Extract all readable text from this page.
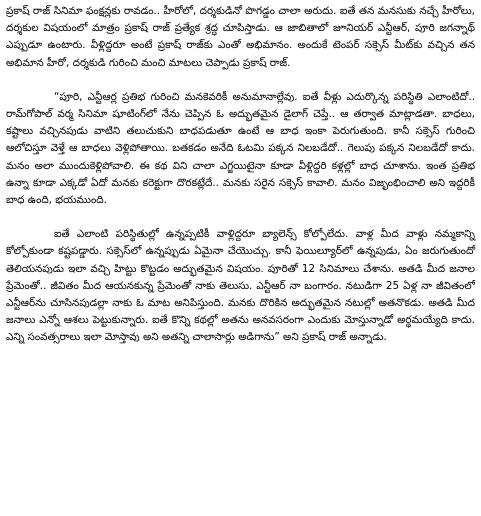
ప్రకాష్ రాజ్ సినిమా ఫంక్షన్లకు రావడం.. హీరోలో, దర్శకుడినో పొగడ్డం చాలా అరుదు. ఐతే తన మనసుకు నచ్చే హీరోలు, దర్శకుల విషయంలో మాత్రం ప్రకాష్ రాజ్ ప్రత్యేక శ్రద్ధ చూపిస్తాడు. ఆ జాబితాలో జూనియర్ ఎన్టీఆర్, పూరి జగన్నాథ్ ఎప్పుడూ ఉంటారు. వీళ్లిద్దరూ అంటే ప్రకాష్ రాజ్‌కు ఎంతో అభిమానం. అందుకే టెంపర్ సక్సెస్ మీట్‌కు వచ్చిన తన అభిమాన హీరో, దర్శకుడి గురించి మంచి మాటలు చెప్పాడు ప్రకాష్ రాజ్.

“పూరి, ఎన్టీఆర్ల ప్రతిభ గురించి మనకెవరికీ అనుమానాల్లేవు. ఐతే వీళ్లు ఎదుర్కొన్న పరిస్థితి ఎలాంటిదో.. రామ్‌గోపాల్ వర్మ సినిమా షూటింగ్‌లో నేను చెప్పిన ఓ అద్భుతమైన డైలాగ్ చెప్తే.. ఆ తర్వాత మాట్లాడతా. బాధలు, కష్టాలు వచ్చినపుడు వాటిని తలుచుకుని బాధపడుతూ ఉంటే ఆ బాధ ఇంకా పెరుగుతుంది. కానీ సక్సెస్ గురించి ఆలోచిస్తూ వెళ్తే ఆ బాధలు వెళ్లిపోతాయి. బతకడం అనేది ఓటమి పక్కన నిలబడేదో.. గెలుపు పక్కన నిలబడేదో కాదు. మనం అలా ముందుకెళ్లిపోవాలి. ఈ కథ విని చాలా ఎగ్జయిటైనా కూడా వీళ్లిద్దరి కళ్లల్లో బాధ చూశాను. ఇంత ప్రతిభ ఉన్నా కూడా ఎక్కడో ఏదో మనకు కరెక్టుగా దొరకట్లేదే.. మనకు సరైన సక్సెస్ కావాలి. మనం విజృంభించాలి అని ఇద్దరికీ బాధ ఉంది, భయముంది.

ఐతే ఎలాంటి పరిస్థితుల్లో ఉన్నప్పటికీ వాళ్లిద్దరూ బ్యాలెన్స్ కోల్పోలేదు. వాళ్ల మీద వాళ్లు నమ్మకాన్ని కోల్పోకుండా కష్టపడ్డారు. సక్సెస్‌లో ఉన్నప్పుడు ఏమైనా చేయొచ్చు. కానీ ఫెయిల్యూర్‌లో ఉన్నపుడు, ఏం జరుగుతుందో తెలియనపుడు ఇలా వచ్చి హిట్టు కొట్టడం అద్భుతమైన విషయం. పూరితో 12 సినిమాలు చేశాను. అతడి మీద జనాల ప్రేమెంతో.. జీవితం మీద ఆయనకున్న ప్రేమెంతో నాకు తెలుసు. ఎన్టీఆర్ నా బంగారం. నటుడిగా 25 ఏళ్ల నా జీవితంలో ఎన్టీఆర్‌ను చూసినపుడల్లా నాకు ఓ మాట అనిపిస్తుంది. మనకు దొరికిన అద్భుతమైన నటుల్లో అతనొకడు. అతడి మీద జనాలు ఎన్నో ఆశలు పెట్టుకున్నారు. ఐతే కొన్ని కథల్లో అతను అనవసరంగా ఎందుకు మోస్తున్నాడో అర్థమయ్యేది కాదు. ఎన్ని సంవత్సరాలు ఇలా మోస్తావు అని అతన్ని చాలాసార్లు అడిగాను” అని ప్రకాష్ రాజ్ అన్నాడు.
